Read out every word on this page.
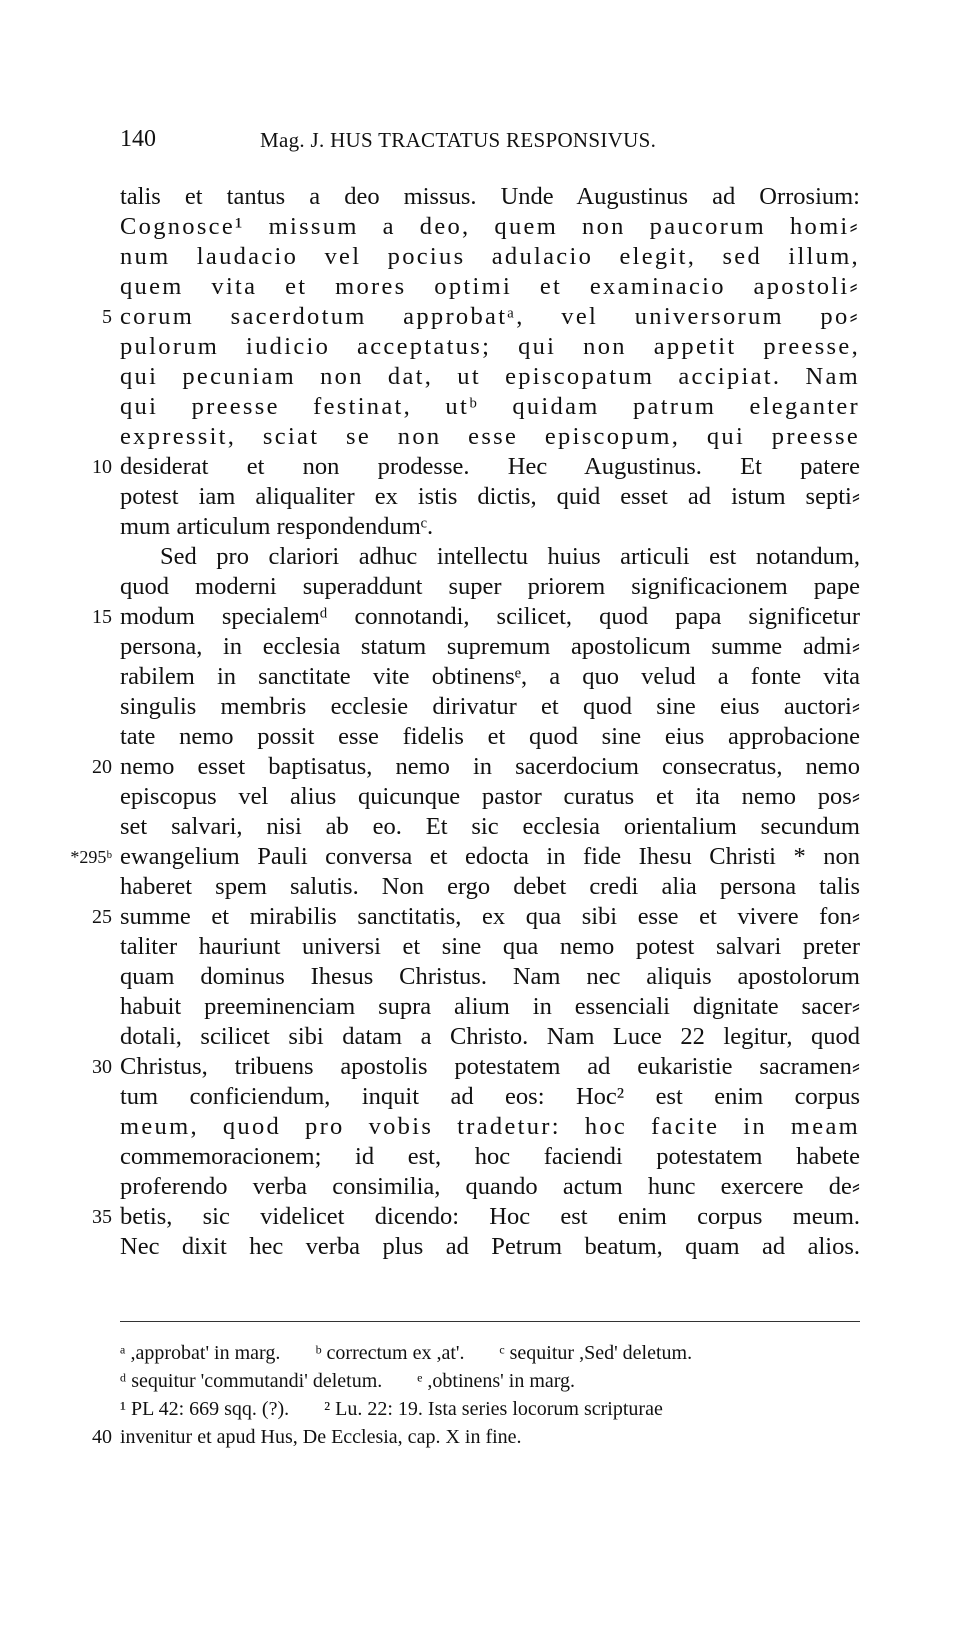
140	Mag. J. HUS TRACTATUS RESPONSIVUS.
talis et tantus a deo missus. Unde Augustinus ad Orrosium:
Cognosce¹ missum a deo, quem non paucorum homi⸗
num laudacio vel pocius adulacio elegit, sed illum,
quem vita et mores optimi et examinacio apostoli⸗
5 corum sacerdotum approbatᵃ, vel universorum po⸗
pulorum iudicio acceptatus; qui non appetit preesse,
qui pecuniam non dat, ut episcopatum accipiat. Nam
qui preesse festinat, utᵇ quidam patrum eleganter
expressit, sciat se non esse episcopum, qui preesse
10 desiderat et non prodesse. Hec Augustinus. Et patere
potest iam aliqualiter ex istis dictis, quid esset ad istum septi⸗
mum articulum respondendumᶜ.
Sed pro clariori adhuc intellectu huius articuli est notandum,
quod moderni superaddunt super priorem significacionem pape
15 modum specialemᵈ connotandi, scilicet, quod papa significetur
persona, in ecclesia statum supremum apostolicum summe admi⸗
rabilem in sanctitate vite obtinensᵉ, a quo velud a fonte vita
singulis membris ecclesie dirivatur et quod sine eius auctori⸗
tate nemo possit esse fidelis et quod sine eius approbacione
20 nemo esset baptisatus, nemo in sacerdocium consecratus, nemo
episcopus vel alius quicunque pastor curatus et ita nemo pos⸗
set salvari, nisi ab eo. Et sic ecclesia orientalium secundum
*295ᵇ ewangelium Pauli conversa et edocta in fide Ihesu Christi * non
haberet spem salutis. Non ergo debet credi alia persona talis
25 summe et mirabilis sanctitatis, ex qua sibi esse et vivere fon⸗
taliter hauriunt universi et sine qua nemo potest salvari preter
quam dominus Ihesus Christus. Nam nec aliquis apostolorum
habuit preeminenciam supra alium in essenciali dignitate sacer⸗
dotali, scilicet sibi datam a Christo. Nam Luce 22 legitur, quod
30 Christus, tribuens apostolis potestatem ad eukaristie sacramen⸗
tum conficiendum, inquit ad eos: Hoc² est enim corpus
meum, quod pro vobis tradetur: hoc facite in meam
commemoracionem; id est, hoc faciendi potestatem habete
proferendo verba consimilia, quando actum hunc exercere de⸗
35 betis, sic videlicet dicendo: Hoc est enim corpus meum.
Nec dixit hec verba plus ad Petrum beatum, quam ad alios.
ᵃ ,approbat' in marg. ᵇ correctum ex ,at'. ᶜ sequitur ,Sed' deletum.
ᵈ sequitur 'commutandi' deletum. ᵉ ,obtinens' in marg.
¹ PL 42: 669 sqq. (?). ² Lu. 22: 19. Ista series locorum scripturae
40 invenitur et apud Hus, De Ecclesia, cap. X in fine.
